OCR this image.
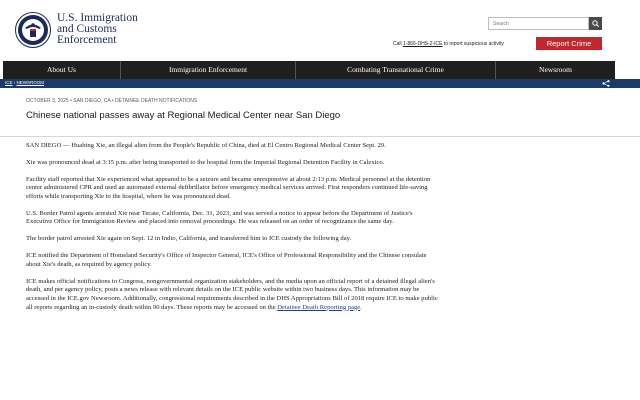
U.S. Immigration
and Customs
Enforcement
Search
Call 1-866-DHS-2-ICE to report suspicious activity	Report Crime
About Us	Immigration Enforcement	Combating Transnational Crime	Newsroom
ICE › NEWSROOM
OCTOBER 3, 2025 • SAN DIEGO, CA • DETAINEE DEATH NOTIFICATIONS
Chinese national passes away at Regional Medical Center near San Diego

SAN DIEGO — Huabing Xie, an illegal alien from the People's Republic of China, died at El Centro Regional Medical Center Sept. 29.

Xie was pronounced dead at 3:15 p.m. after being transported to the hospital from the Imperial Regional Detention Facility in Calexico.

Facility staff reported that Xie experienced what appeared to be a seizure and became unresponsive at about 2:13 p.m. Medical personnel at the detention center administered CPR and used an automated external defibrillator before emergency medical services arrived. First responders continued life-saving efforts while transporting Xie to the hospital, where he was pronounced dead.

U.S. Border Patrol agents arrested Xie near Tecate, California, Dec. 31, 2023, and was served a notice to appear before the Department of Justice's Executive Office for Immigration Review and placed into removal proceedings. He was released on an order of recognizance the same day.

The border patrol arrested Xie again on Sept. 12 in Indio, California, and transferred him to ICE custody the following day.

ICE notified the Department of Homeland Security's Office of Inspector General, ICE's Office of Professional Responsibility and the Chinese consulate about Xie's death, as required by agency policy.

ICE makes official notifications to Congress, nongovernmental organization stakeholders, and the media upon an official report of a detained illegal alien's death, and per agency policy, posts a news release with relevant details on the ICE public website within two business days. This information may be accessed in the ICE.gov Newsroom. Additionally, congressional requirements described in the DHS Appropriations Bill of 2018 require ICE to make public all reports regarding an in-custody death within 90 days. These reports may be accessed on the Detainee Death Reporting page.
